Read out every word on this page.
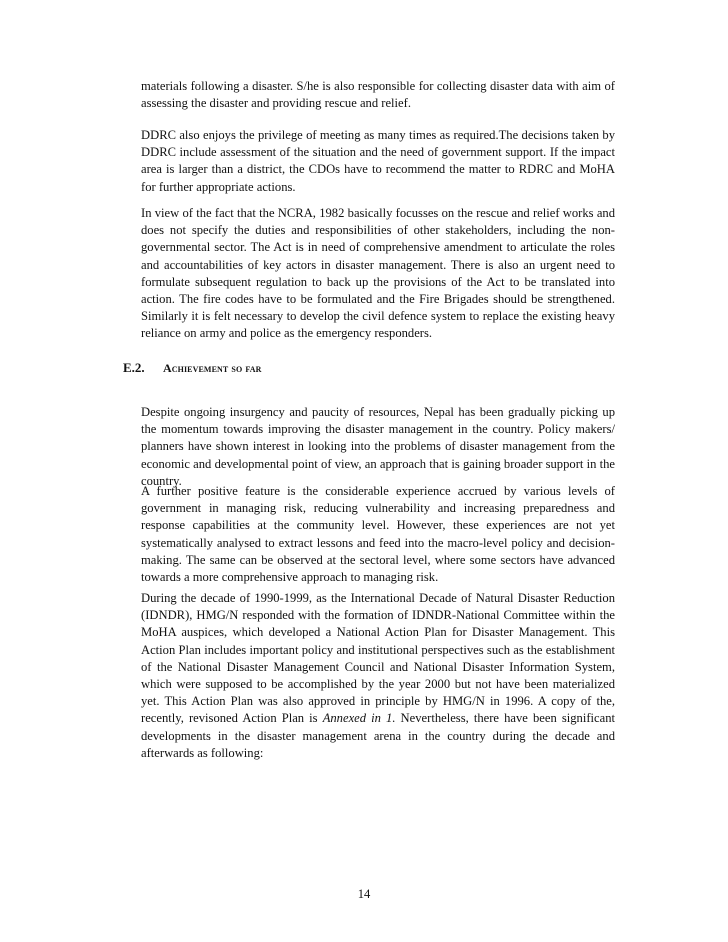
materials following a disaster. S/he is also responsible for collecting disaster data with aim of assessing the disaster and providing rescue and relief.

DDRC also enjoys the privilege of meeting as many times as required.The decisions taken by DDRC include assessment of the situation and the need of government support. If the impact area is larger than a district, the CDOs have to recommend the matter to RDRC and MoHA for further appropriate actions.

In view of the fact that the NCRA, 1982 basically focusses on the rescue and relief works and does not specify the duties and responsibilities of other stakeholders, including the non-governmental sector. The Act is in need of comprehensive amendment to articulate the roles and accountabilities of key actors in disaster management. There is also an urgent need to formulate subsequent regulation to back up the provisions of the Act to be translated into action. The fire codes have to be formulated and the Fire Brigades should be strengthened. Similarly it is felt necessary to develop the civil defence system to replace the existing heavy reliance on army and police as the emergency responders.

E.2. Achievement so far

Despite ongoing insurgency and paucity of resources, Nepal has been gradually picking up the momentum towards improving the disaster management in the country. Policy makers/ planners have shown interest in looking into the problems of disaster management from the economic and developmental point of view, an approach that is gaining broader support in the country.

A further positive feature is the considerable experience accrued by various levels of government in managing risk, reducing vulnerability and increasing preparedness and response capabilities at the community level. However, these experiences are not yet systematically analysed to extract lessons and feed into the macro-level policy and decision-making. The same can be observed at the sectoral level, where some sectors have advanced towards a more comprehensive approach to managing risk.

During the decade of 1990-1999, as the International Decade of Natural Disaster Reduction (IDNDR), HMG/N responded with the formation of IDNDR-National Committee within the MoHA auspices, which developed a National Action Plan for Disaster Management. This Action Plan includes important policy and institutional perspectives such as the establishment of the National Disaster Management Council and National Disaster Information System, which were supposed to be accomplished by the year 2000 but not have been materialized yet. This Action Plan was also approved in principle by HMG/N in 1996. A copy of the, recently, revisoned Action Plan is Annexed in 1. Nevertheless, there have been significant developments in the disaster management arena in the country during the decade and afterwards as following:

14
